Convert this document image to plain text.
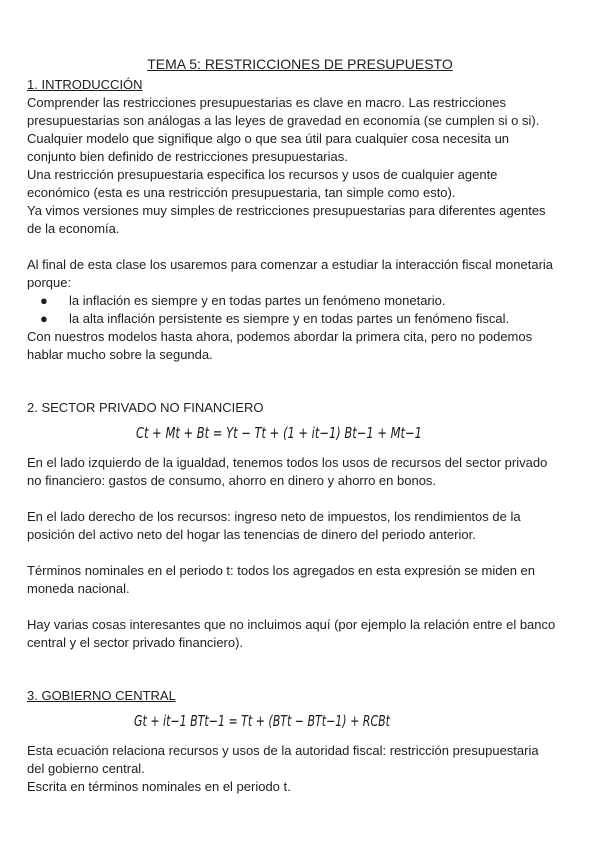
TEMA 5: RESTRICCIONES DE PRESUPUESTO
1. INTRODUCCIÓN
Comprender las restricciones presupuestarias es clave en macro. Las restricciones
presupuestarias son análogas a las leyes de gravedad en economía (se cumplen si o si).
Cualquier modelo que signifique algo o que sea útil para cualquier cosa necesita un
conjunto bien definido de restricciones presupuestarias.
Una restricción presupuestaria especifica los recursos y usos de cualquier agente
económico (esta es una restricción presupuestaria, tan simple como esto).
Ya vimos versiones muy simples de restricciones presupuestarias para diferentes agentes
de la economía.
Al final de esta clase los usaremos para comenzar a estudiar la interacción fiscal monetaria
porque:
● la inflación es siempre y en todas partes un fenómeno monetario.
● la alta inflación persistente es siempre y en todas partes un fenómeno fiscal.
Con nuestros modelos hasta ahora, podemos abordar la primera cita, pero no podemos
hablar mucho sobre la segunda.
2. SECTOR PRIVADO NO FINANCIERO
Ct + Mt + Bt = Yt − Tt + (1 + it−1) Bt−1 + Mt−1
En el lado izquierdo de la igualdad, tenemos todos los usos de recursos del sector privado
no financiero: gastos de consumo, ahorro en dinero y ahorro en bonos.
En el lado derecho de los recursos: ingreso neto de impuestos, los rendimientos de la
posición del activo neto del hogar las tenencias de dinero del periodo anterior.
Términos nominales en el periodo t: todos los agregados en esta expresión se miden en
moneda nacional.
Hay varias cosas interesantes que no incluimos aquí (por ejemplo la relación entre el banco
central y el sector privado financiero).
3. GOBIERNO CENTRAL
Gt + it−1 BTt−1 = Tt + (BTt − BTt−1) + RCBt
Esta ecuación relaciona recursos y usos de la autoridad fiscal: restricción presupuestaria
del gobierno central.
Escrita en términos nominales en el periodo t.
